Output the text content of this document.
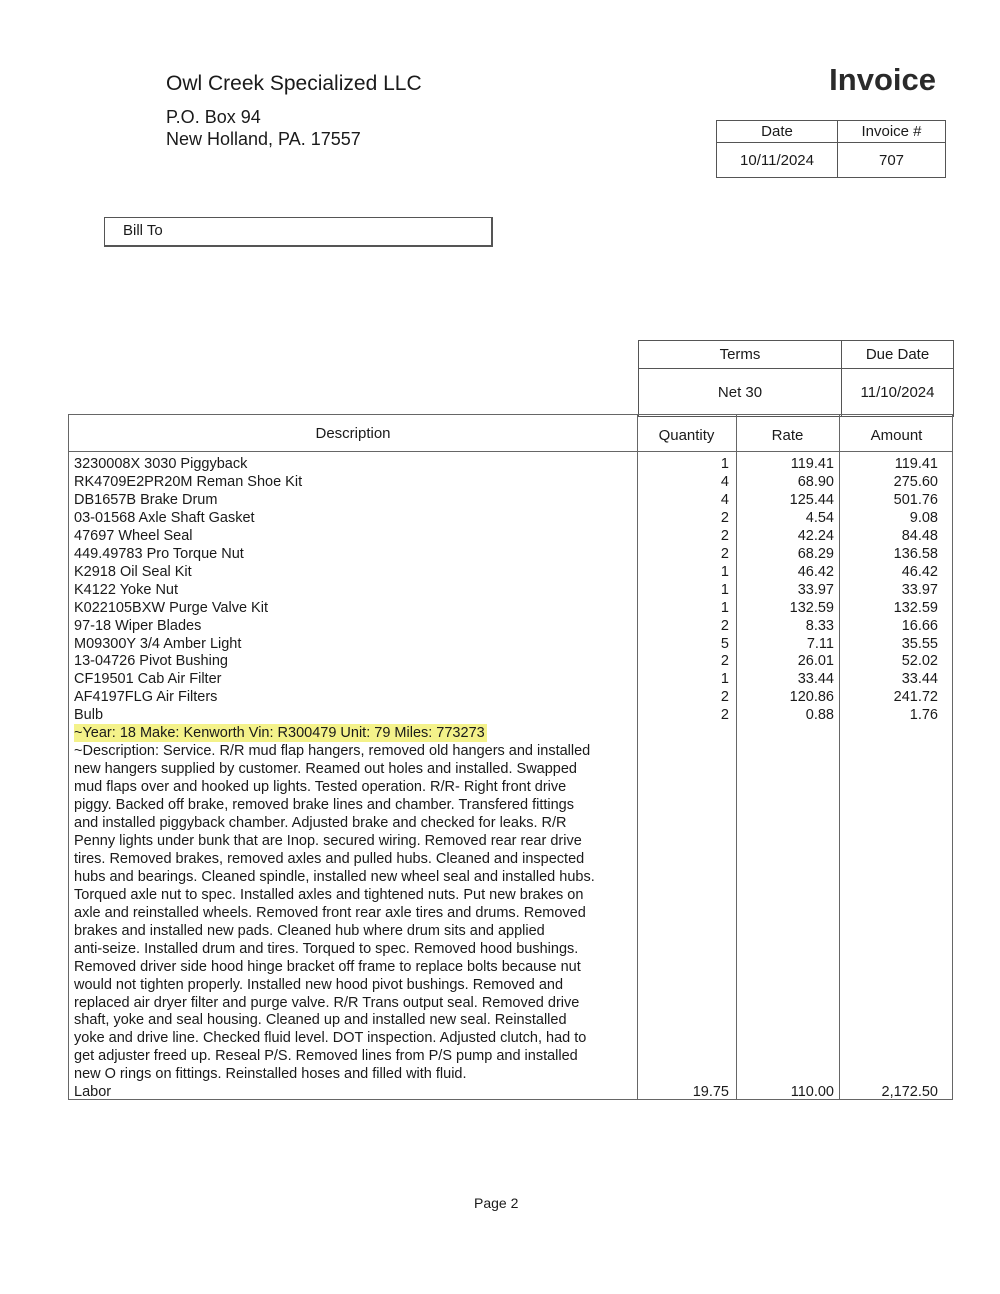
Owl Creek Specialized LLC
P.O. Box 94
New Holland, PA. 17557
Invoice
Date	Invoice #
10/11/2024	707
Bill To
Terms	Due Date
Net 30	11/10/2024
Description	Quantity	Rate	Amount
3230008X 3030 Piggyback	1	119.41	119.41
RK4709E2PR20M Reman Shoe Kit	4	68.90	275.60
DB1657B Brake Drum	4	125.44	501.76
03-01568 Axle Shaft Gasket	2	4.54	9.08
47697 Wheel Seal	2	42.24	84.48
449.49783 Pro Torque Nut	2	68.29	136.58
K2918 Oil Seal Kit	1	46.42	46.42
K4122 Yoke Nut	1	33.97	33.97
K022105BXW Purge Valve Kit	1	132.59	132.59
97-18 Wiper Blades	2	8.33	16.66
M09300Y 3/4 Amber Light	5	7.11	35.55
13-04726 Pivot Bushing	2	26.01	52.02
CF19501 Cab Air Filter	1	33.44	33.44
AF4197FLG Air Filters	2	120.86	241.72
Bulb	2	0.88	1.76
~Year: 18 Make: Kenworth Vin: R300479 Unit: 79 Miles: 773273
~Description: Service. R/R mud flap hangers, removed old hangers and installed
new hangers supplied by customer. Reamed out holes and installed. Swapped
mud flaps over and hooked up lights. Tested operation. R/R- Right front drive
piggy. Backed off brake, removed brake lines and chamber. Transfered fittings
and installed piggyback chamber. Adjusted brake and checked for leaks. R/R
Penny lights under bunk that are Inop. secured wiring. Removed rear rear drive
tires. Removed brakes, removed axles and pulled hubs. Cleaned and inspected
hubs and bearings. Cleaned spindle, installed new wheel seal and installed hubs.
Torqued axle nut to spec. Installed axles and tightened nuts. Put new brakes on
axle and reinstalled wheels. Removed front rear axle tires and drums. Removed
brakes and installed new pads. Cleaned hub where drum sits and applied
anti-seize. Installed drum and tires. Torqued to spec. Removed hood bushings.
Removed driver side hood hinge bracket off frame to replace bolts because nut
would not tighten properly. Installed new hood pivot bushings. Removed and
replaced air dryer filter and purge valve. R/R Trans output seal. Removed drive
shaft, yoke and seal housing. Cleaned up and installed new seal. Reinstalled
yoke and drive line. Checked fluid level. DOT inspection. Adjusted clutch, had to
get adjuster freed up. Reseal P/S. Removed lines from P/S pump and installed
new O rings on fittings. Reinstalled hoses and filled with fluid.
Labor	19.75	110.00	2,172.50
Page 2
